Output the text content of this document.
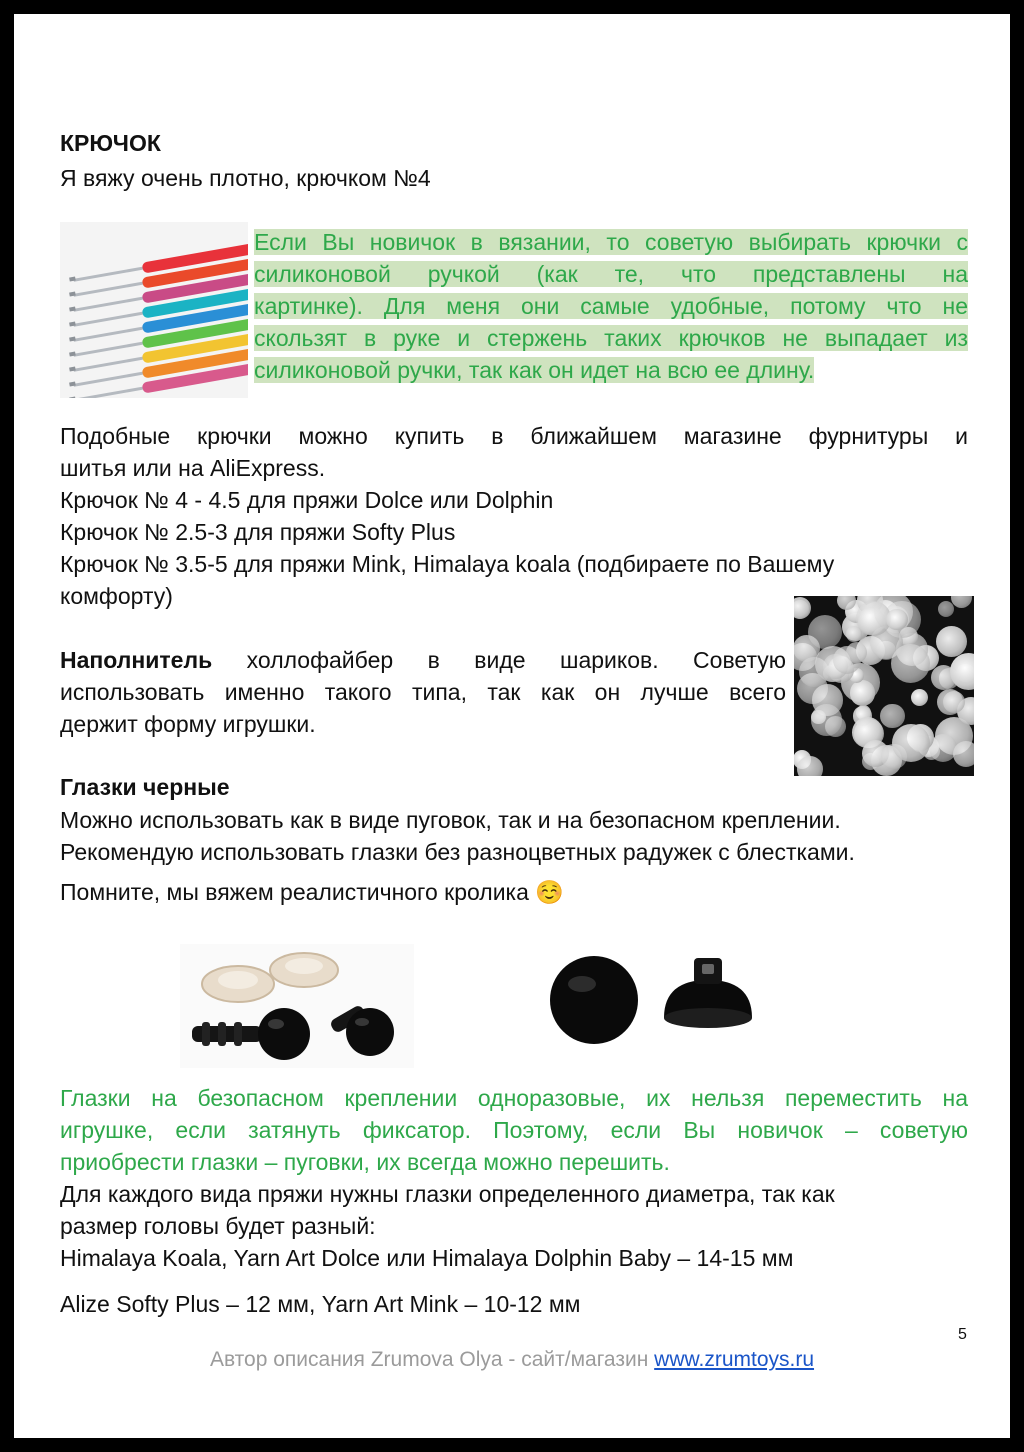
КРЮЧОК
Я вяжу очень плотно, крючком №4
Если Вы новичок в вязании, то советую выбирать крючки с
силиконовой ручкой (как те, что представлены на
картинке). Для меня они самые удобные, потому что не
скользят в руке и стержень таких крючков не выпадает из
силиконовой ручки, так как он идет на всю ее длину.
Подобные крючки можно купить в ближайшем магазине фурнитуры и
шитья или на AliExpress.
Крючок № 4 - 4.5 для пряжи Dolce или Dolphin
Крючок № 2.5-3 для пряжи Softy Plus
Крючок № 3.5-5 для пряжи Mink, Himalaya koala (подбираете по Вашему
комфорту)
Наполнитель холлофайбер в виде шариков. Советую
использовать именно такого типа, так как он лучше всего
держит форму игрушки.
Глазки черные
Можно использовать как в виде пуговок, так и на безопасном креплении.
Рекомендую использовать глазки без разноцветных радужек с блестками.
Помните, мы вяжем реалистичного кролика ☺️
Глазки на безопасном креплении одноразовые, их нельзя переместить на
игрушке, если затянуть фиксатор. Поэтому, если Вы новичок – советую
приобрести глазки – пуговки, их всегда можно перешить.
Для каждого вида пряжи нужны глазки определенного диаметра, так как
размер головы будет разный:
Himalaya Koala, Yarn Art Dolce или Himalaya Dolphin Baby – 14-15 мм
Alize Softy Plus – 12 мм, Yarn Art Mink – 10-12 мм
5
Автор описания Zrumova Olya - сайт/магазин www.zrumtoys.ru
